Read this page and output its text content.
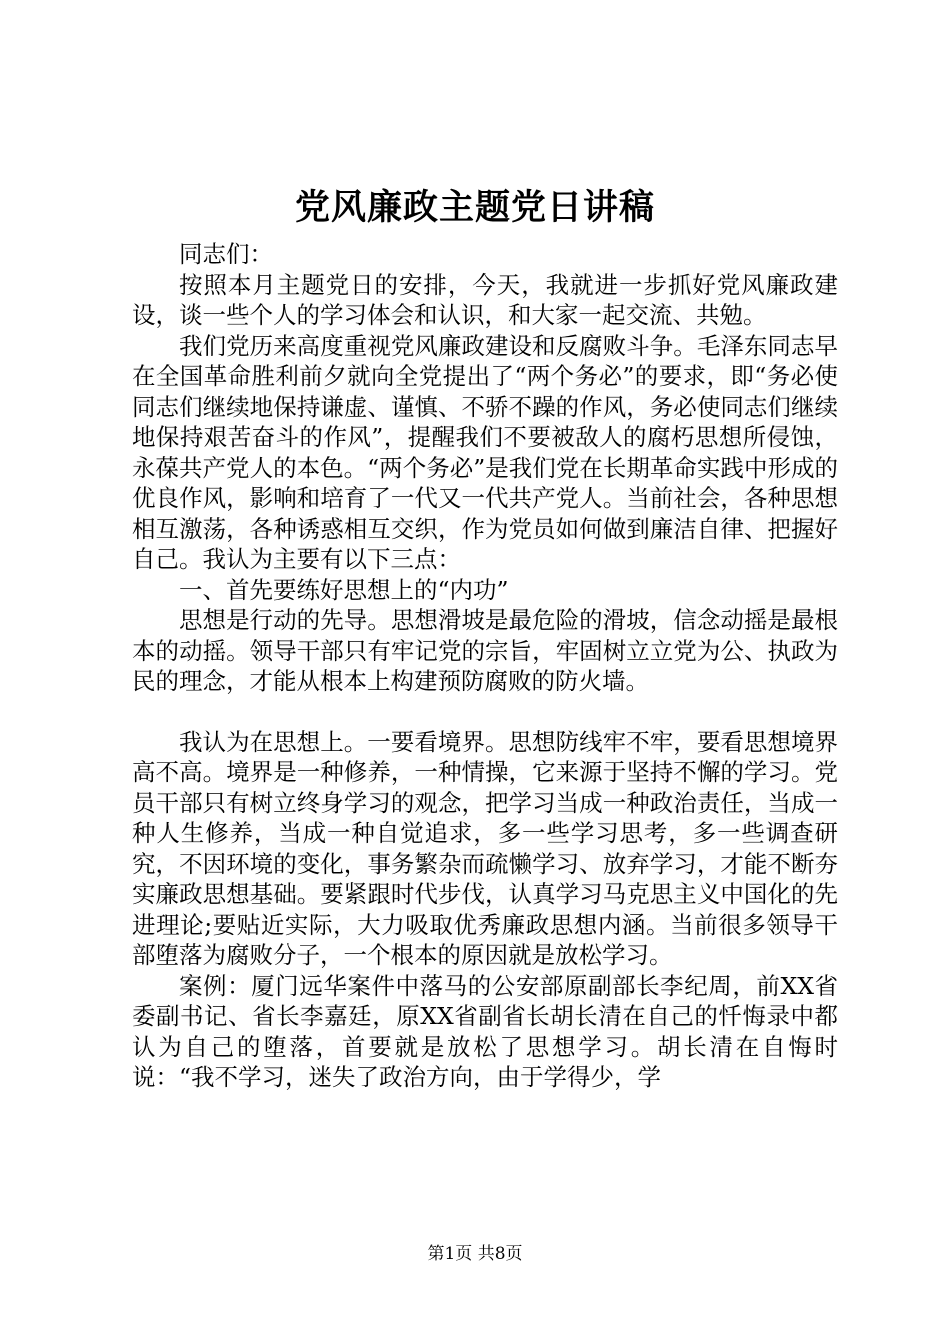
党风廉政主题党日讲稿

同志们：

按照本月主题党日的安排，今天，我就进一步抓好党风廉政建设，谈一些个人的学习体会和认识，和大家一起交流、共勉。

我们党历来高度重视党风廉政建设和反腐败斗争。毛泽东同志早在全国革命胜利前夕就向全党提出了“两个务必”的要求，即“务必使同志们继续地保持谦虚、谨慎、不骄不躁的作风，务必使同志们继续地保持艰苦奋斗的作风”，提醒我们不要被敌人的腐朽思想所侵蚀，永葆共产党人的本色。“两个务必”是我们党在长期革命实践中形成的优良作风，影响和培育了一代又一代共产党人。当前社会，各种思想相互激荡，各种诱惑相互交织，作为党员如何做到廉洁自律、把握好自己。我认为主要有以下三点：

一、首先要练好思想上的“内功”

思想是行动的先导。思想滑坡是最危险的滑坡，信念动摇是最根本的动摇。领导干部只有牢记党的宗旨，牢固树立立党为公、执政为民的理念，才能从根本上构建预防腐败的防火墙。

我认为在思想上。一要看境界。思想防线牢不牢，要看思想境界高不高。境界是一种修养，一种情操，它来源于坚持不懈的学习。党员干部只有树立终身学习的观念，把学习当成一种政治责任，当成一种人生修养，当成一种自觉追求，多一些学习思考，多一些调查研究，不因环境的变化，事务繁杂而疏懒学习、放弃学习，才能不断夯实廉政思想基础。要紧跟时代步伐，认真学习马克思主义中国化的先进理论;要贴近实际，大力吸取优秀廉政思想内涵。当前很多领导干部堕落为腐败分子，一个根本的原因就是放松学习。

案例：厦门远华案件中落马的公安部原副部长李纪周，前XX省委副书记、省长李嘉廷，原XX省副省长胡长清在自己的忏悔录中都认为自己的堕落，首要就是放松了思想学习。胡长清在自悔时说：“我不学习，迷失了政治方向，由于学得少，学

第1页 共8页
